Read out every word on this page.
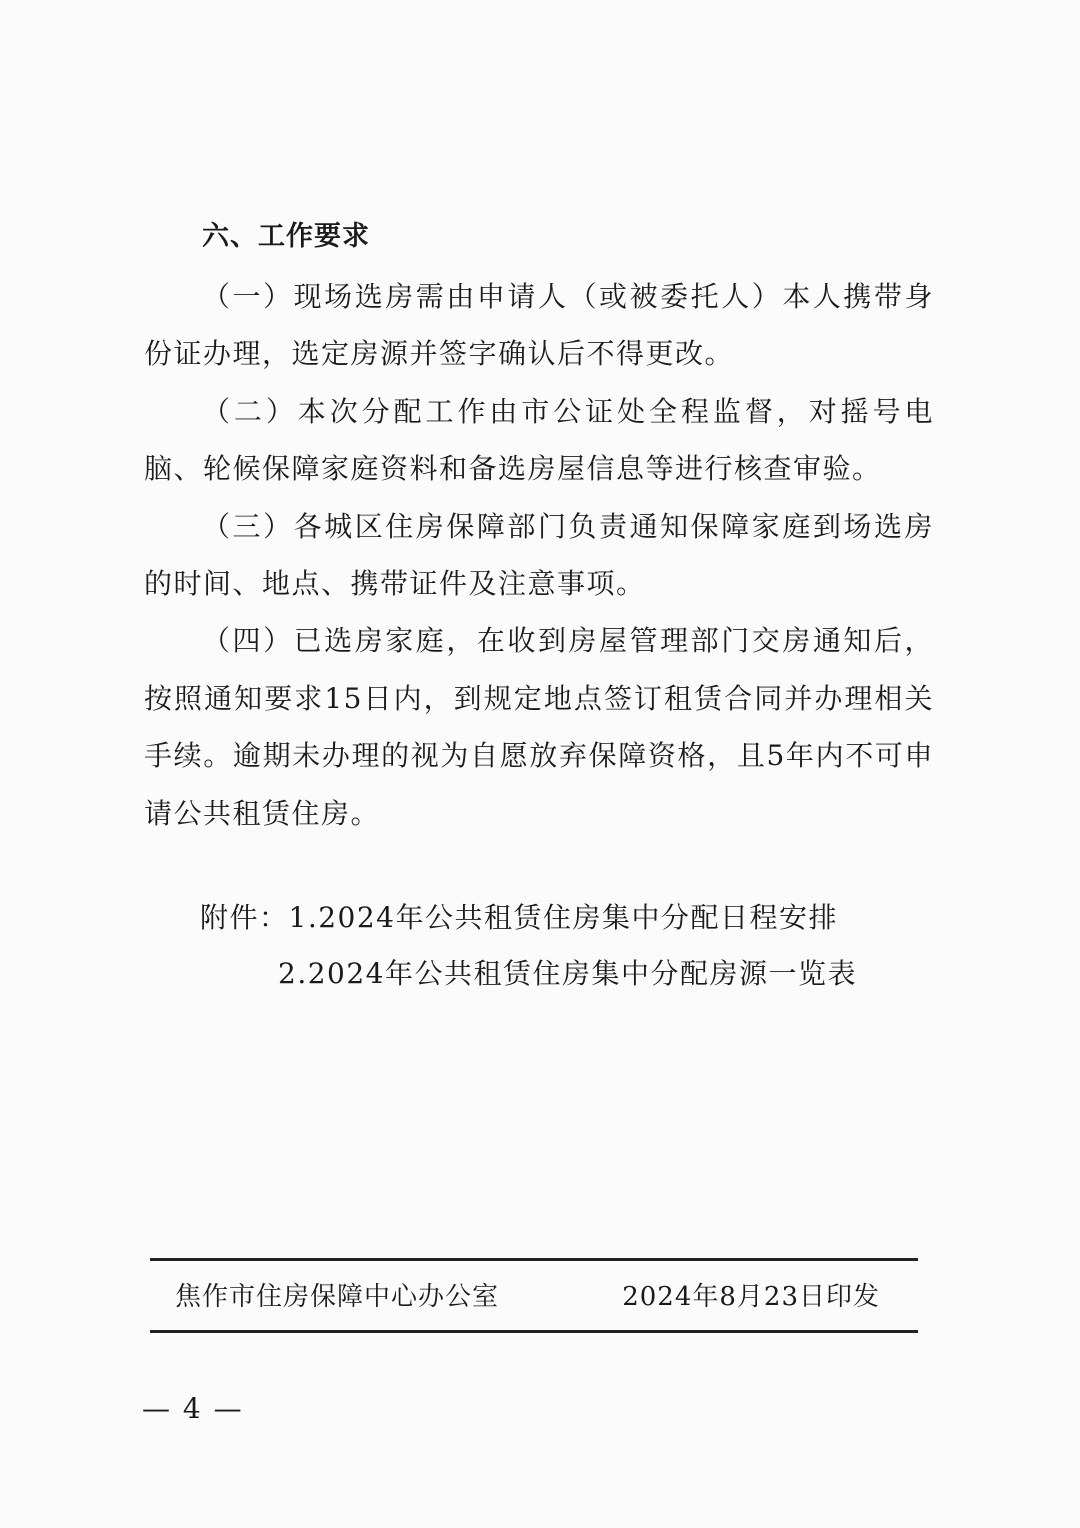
六、工作要求

（一）现场选房需由申请人（或被委托人）本人携带身份证办理，选定房源并签字确认后不得更改。

（二）本次分配工作由市公证处全程监督，对摇号电脑、轮候保障家庭资料和备选房屋信息等进行核查审验。

（三）各城区住房保障部门负责通知保障家庭到场选房的时间、地点、携带证件及注意事项。

（四）已选房家庭，在收到房屋管理部门交房通知后，按照通知要求15日内，到规定地点签订租赁合同并办理相关手续。逾期未办理的视为自愿放弃保障资格，且5年内不可申请公共租赁住房。

附件：1.2024年公共租赁住房集中分配日程安排
2.2024年公共租赁住房集中分配房源一览表
焦作市住房保障中心办公室	2024年8月23日印发
— 4 —
